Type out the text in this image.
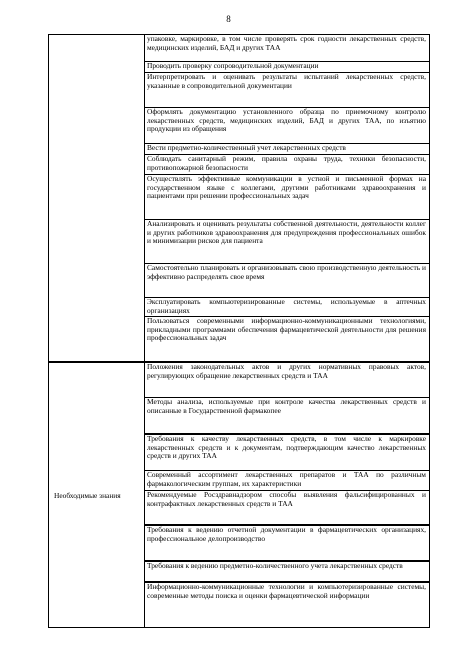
8
упаковке, маркировке, в том числе проверять срок годности лекарственных средств, медицинских изделий, БАД и других ТАА
Проводить проверку сопроводительной документации
Интерпретировать и оценивать результаты испытаний лекарственных средств, указанные в сопроводительной документации
Оформлять документацию установленного образца по приемочному контролю лекарственных средств, медицинских изделий, БАД и других ТАА, по изъятию продукции из обращения
Вести предметно-количественный учет лекарственных средств
Соблюдать санитарный режим, правила охраны труда, техники безопасности, противопожарной безопасности
Осуществлять эффективные коммуникации в устной и письменной формах на государственном языке с коллегами, другими работниками здравоохранения и пациентами при решении профессиональных задач
Анализировать и оценивать результаты собственной деятельности, деятельности коллег и других работников здравоохранения для предупреждения профессиональных ошибок и минимизации рисков для пациента
Самостоятельно планировать и организовывать свою производственную деятельность и эффективно распределять свое время
Эксплуатировать компьютеризированные системы, используемые в аптечных организациях
Пользоваться современными информационно-коммуникационными технологиями, прикладными программами обеспечения фармацевтической деятельности для решения профессиональных задач
Необходимые знания
Положения законодательных актов и других нормативных правовых актов, регулирующих обращение лекарственных средств и ТАА
Методы анализа, используемые при контроле качества лекарственных средств и описанные в Государственной фармакопее
Требования к качеству лекарственных средств, в том числе к маркировке лекарственных средств и к документам, подтверждающим качество лекарственных средств и других ТАА
Современный ассортимент лекарственных препаратов и ТАА по различным фармакологическим группам, их характеристики
Рекомендуемые Росздравнадзором способы выявления фальсифицированных и контрафактных лекарственных средств и ТАА
Требования к ведению отчетной документации в фармацевтических организациях, профессиональное делопроизводство
Требования к ведению предметно-количественного учета лекарственных средств
Информационно-коммуникационные технологии и компьютеризированные системы, современные методы поиска и оценки фармацевтической информации
